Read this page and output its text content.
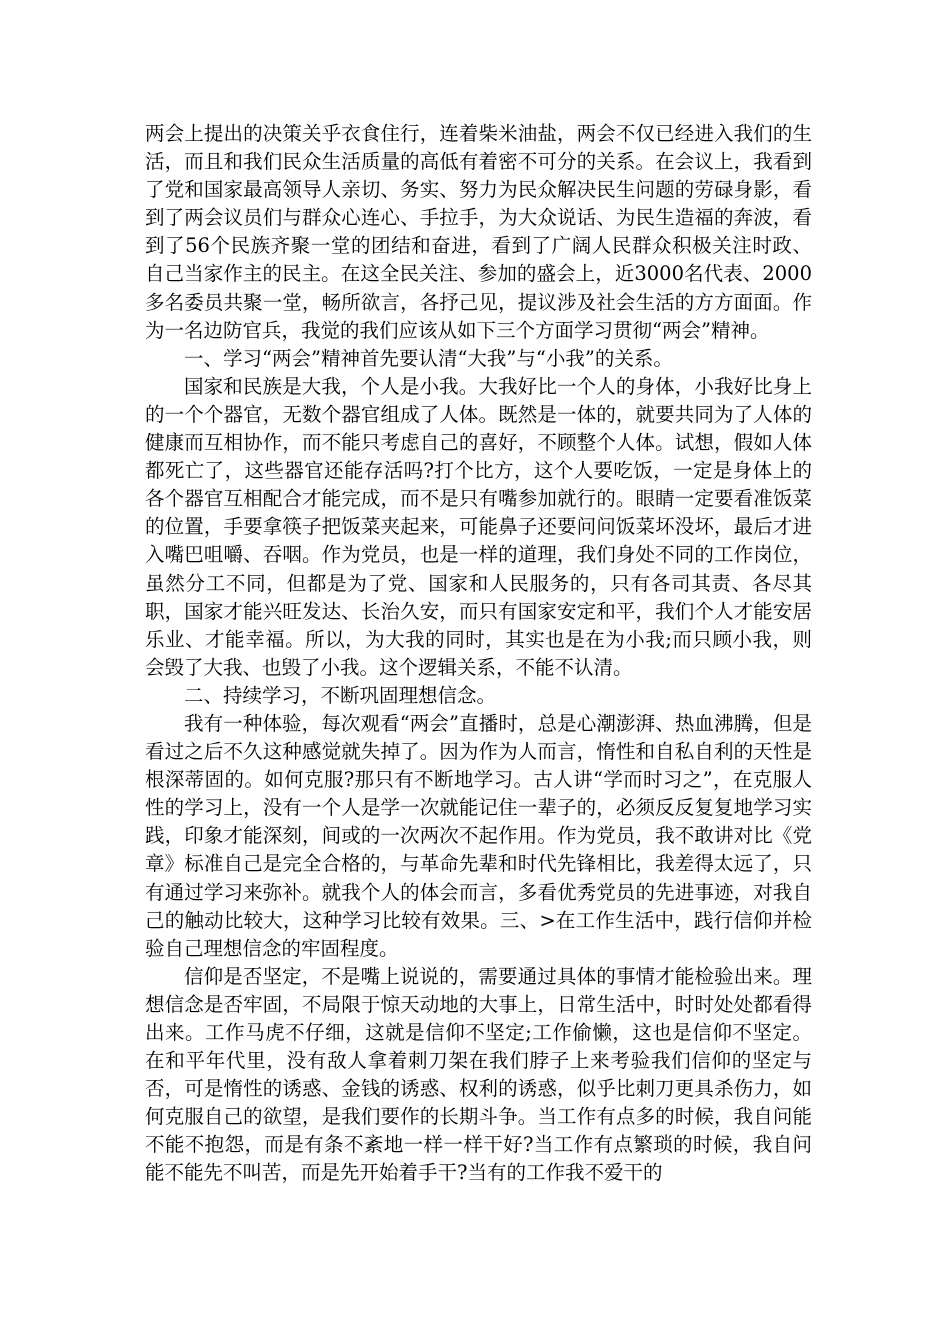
两会上提出的决策关乎衣食住行，连着柴米油盐，两会不仅已经进入我们的生活，而且和我们民众生活质量的高低有着密不可分的关系。在会议上，我看到了党和国家最高领导人亲切、务实、努力为民众解决民生问题的劳碌身影，看到了两会议员们与群众心连心、手拉手，为大众说话、为民生造福的奔波，看到了56个民族齐聚一堂的团结和奋进，看到了广阔人民群众积极关注时政、自己当家作主的民主。在这全民关注、参加的盛会上，近3000名代表、2000多名委员共聚一堂，畅所欲言，各抒己见，提议涉及社会生活的方方面面。作为一名边防官兵，我觉的我们应该从如下三个方面学习贯彻“两会”精神。

一、学习“两会”精神首先要认清“大我”与“小我”的关系。

国家和民族是大我，个人是小我。大我好比一个人的身体，小我好比身上的一个个器官，无数个器官组成了人体。既然是一体的，就要共同为了人体的健康而互相协作，而不能只考虑自己的喜好，不顾整个人体。试想，假如人体都死亡了，这些器官还能存活吗?打个比方，这个人要吃饭，一定是身体上的各个器官互相配合才能完成，而不是只有嘴参加就行的。眼睛一定要看准饭菜的位置，手要拿筷子把饭菜夹起来，可能鼻子还要问问饭菜坏没坏，最后才进入嘴巴咀嚼、吞咽。作为党员，也是一样的道理，我们身处不同的工作岗位，虽然分工不同，但都是为了党、国家和人民服务的，只有各司其责、各尽其职，国家才能兴旺发达、长治久安，而只有国家安定和平，我们个人才能安居乐业、才能幸福。所以，为大我的同时，其实也是在为小我;而只顾小我，则会毁了大我、也毁了小我。这个逻辑关系，不能不认清。

二、持续学习，不断巩固理想信念。

我有一种体验，每次观看“两会”直播时，总是心潮澎湃、热血沸腾，但是看过之后不久这种感觉就失掉了。因为作为人而言，惰性和自私自利的天性是根深蒂固的。如何克服?那只有不断地学习。古人讲“学而时习之”，在克服人性的学习上，没有一个人是学一次就能记住一辈子的，必须反反复复地学习实践，印象才能深刻，间或的一次两次不起作用。作为党员，我不敢讲对比《党章》标准自己是完全合格的，与革命先辈和时代先锋相比，我差得太远了，只有通过学习来弥补。就我个人的体会而言，多看优秀党员的先进事迹，对我自己的触动比较大，这种学习比较有效果。三、>在工作生活中，践行信仰并检验自己理想信念的牢固程度。

信仰是否坚定，不是嘴上说说的，需要通过具体的事情才能检验出来。理想信念是否牢固，不局限于惊天动地的大事上，日常生活中，时时处处都看得出来。工作马虎不仔细，这就是信仰不坚定;工作偷懒，这也是信仰不坚定。在和平年代里，没有敌人拿着刺刀架在我们脖子上来考验我们信仰的坚定与否，可是惰性的诱惑、金钱的诱惑、权利的诱惑，似乎比刺刀更具杀伤力，如何克服自己的欲望，是我们要作的长期斗争。当工作有点多的时候，我自问能不能不抱怨，而是有条不紊地一样一样干好?当工作有点繁琐的时候，我自问能不能先不叫苦，而是先开始着手干?当有的工作我不爱干的
